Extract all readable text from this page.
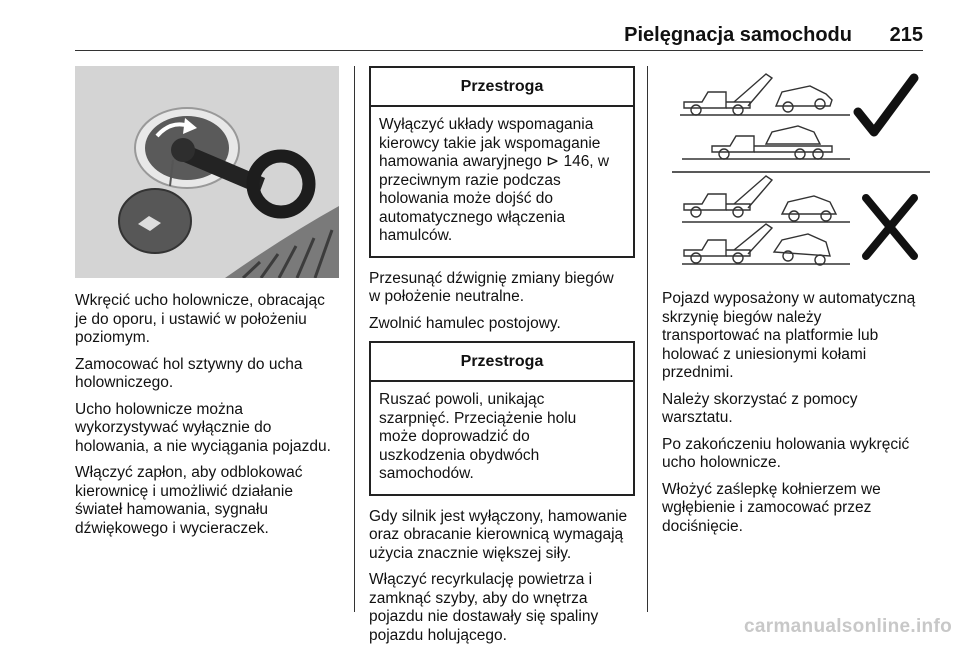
Pielęgnacja samochodu 215

Wkręcić ucho holownicze, obracając
je do oporu, i ustawić w położeniu
poziomym.

Zamocować hol sztywny do ucha
holowniczego.

Ucho holownicze można
wykorzystywać wyłącznie do
holowania, a nie wyciągania pojazdu.

Włączyć zapłon, aby odblokować
kierownicę i umożliwić działanie
świateł hamowania, sygnału
dźwiękowego i wycieraczek.

Przestroga
Wyłączyć układy wspomagania
kierowcy takie jak wspomaganie
hamowania awaryjnego ⊳ 146, w
przeciwnym razie podczas
holowania może dojść do
automatycznego włączenia
hamulców.

Przesunąć dźwignię zmiany biegów
w położenie neutralne.

Zwolnić hamulec postojowy.

Przestroga
Ruszać powoli, unikając
szarpnięć. Przeciążenie holu
może doprowadzić do
uszkodzenia obydwóch
samochodów.

Gdy silnik jest wyłączony, hamowanie
oraz obracanie kierownicą wymagają
użycia znacznie większej siły.

Włączyć recyrkulację powietrza i
zamknąć szyby, aby do wnętrza
pojazdu nie dostawały się spaliny
pojazdu holującego.

Pojazd wyposażony w automatyczną
skrzynię biegów należy
transportować na platformie lub
holować z uniesionymi kołami
przednimi.

Należy skorzystać z pomocy
warsztatu.

Po zakończeniu holowania wykręcić
ucho holownicze.

Włożyć zaślepkę kołnierzem we
wgłębienie i zamocować przez
dociśnięcie.

carmanualsonline.info
